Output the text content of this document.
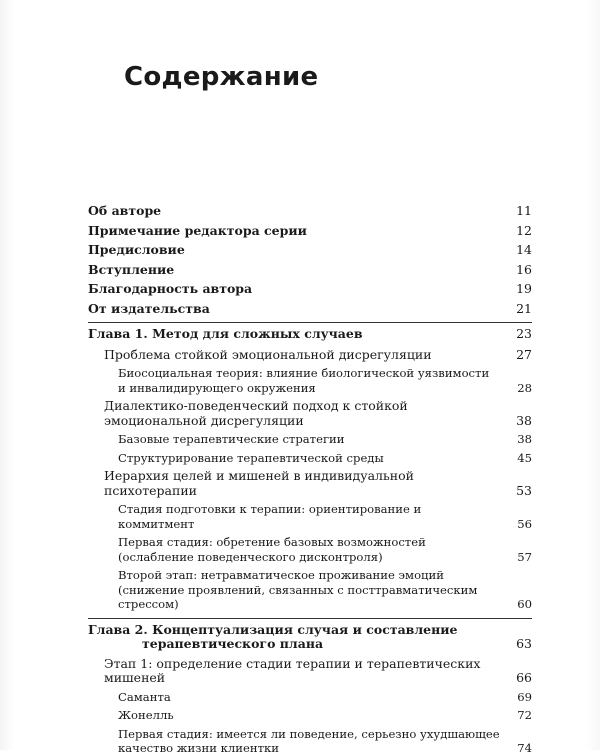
Содержание
Об авторе	11
Примечание редактора серии	12
Предисловие	14
Вступление	16
Благодарность автора	19
От издательства	21
Глава 1. Метод для сложных случаев	23
Проблема стойкой эмоциональной дисрегуляции	27
Биосоциальная теория: влияние биологической уязвимости и инвалидирующего окружения	28
Диалектико-поведенческий подход к стойкой эмоциональной дисрегуляции	38
Базовые терапевтические стратегии	38
Структурирование терапевтической среды	45
Иерархия целей и мишеней в индивидуальной психотерапии	53
Стадия подготовки к терапии: ориентирование и коммитмент	56
Первая стадия: обретение базовых возможностей (ослабление поведенческого дисконтроля)	57
Второй этап: нетравматическое проживание эмоций (снижение проявлений, связанных с посттравматическим стрессом)	60
Глава 2. Концептуализация случая и составление
терапевтического плана	63
Этап 1: определение стадии терапии и терапевтических мишеней	66
Саманта	69
Жонелль	72
Первая стадия: имеется ли поведение, серьезно ухудшающее качество жизни клиентки	74
